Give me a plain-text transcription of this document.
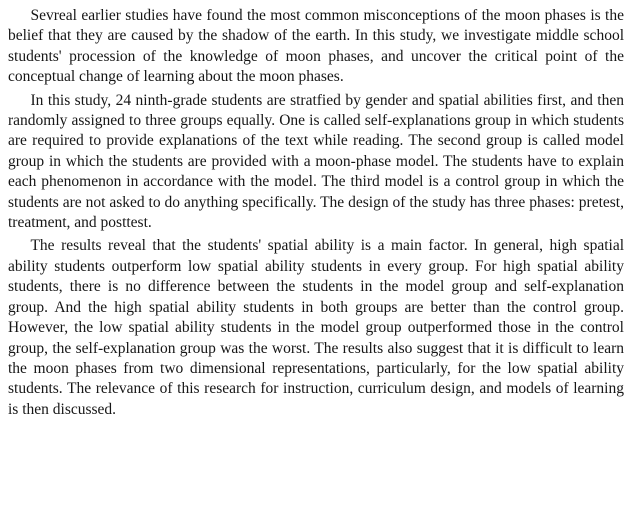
Sevreal earlier studies have found the most common misconceptions of the moon phases is the belief that they are caused by the shadow of the earth. In this study, we investigate middle school students' procession of the knowledge of moon phases, and uncover the critical point of the conceptual change of learning about the moon phases.

In this study, 24 ninth-grade students are stratfied by gender and spatial abilities first, and then randomly assigned to three groups equally. One is called self-explanations group in which students are required to provide explanations of the text while reading. The second group is called model group in which the students are provided with a moon-phase model. The students have to explain each phenomenon in accordance with the model. The third model is a control group in which the students are not asked to do anything specifically. The design of the study has three phases: pretest, treatment, and posttest.

The results reveal that the students' spatial ability is a main factor. In general, high spatial ability students outperform low spatial ability students in every group. For high spatial ability students, there is no difference between the students in the model group and self-explanation group. And the high spatial ability students in both groups are better than the control group. However, the low spatial ability students in the model group outperformed those in the control group, the self-explanation group was the worst. The results also suggest that it is difficult to learn the moon phases from two dimensional representations, particularly, for the low spatial ability students. The relevance of this research for instruction, curriculum design, and models of learning is then discussed.
